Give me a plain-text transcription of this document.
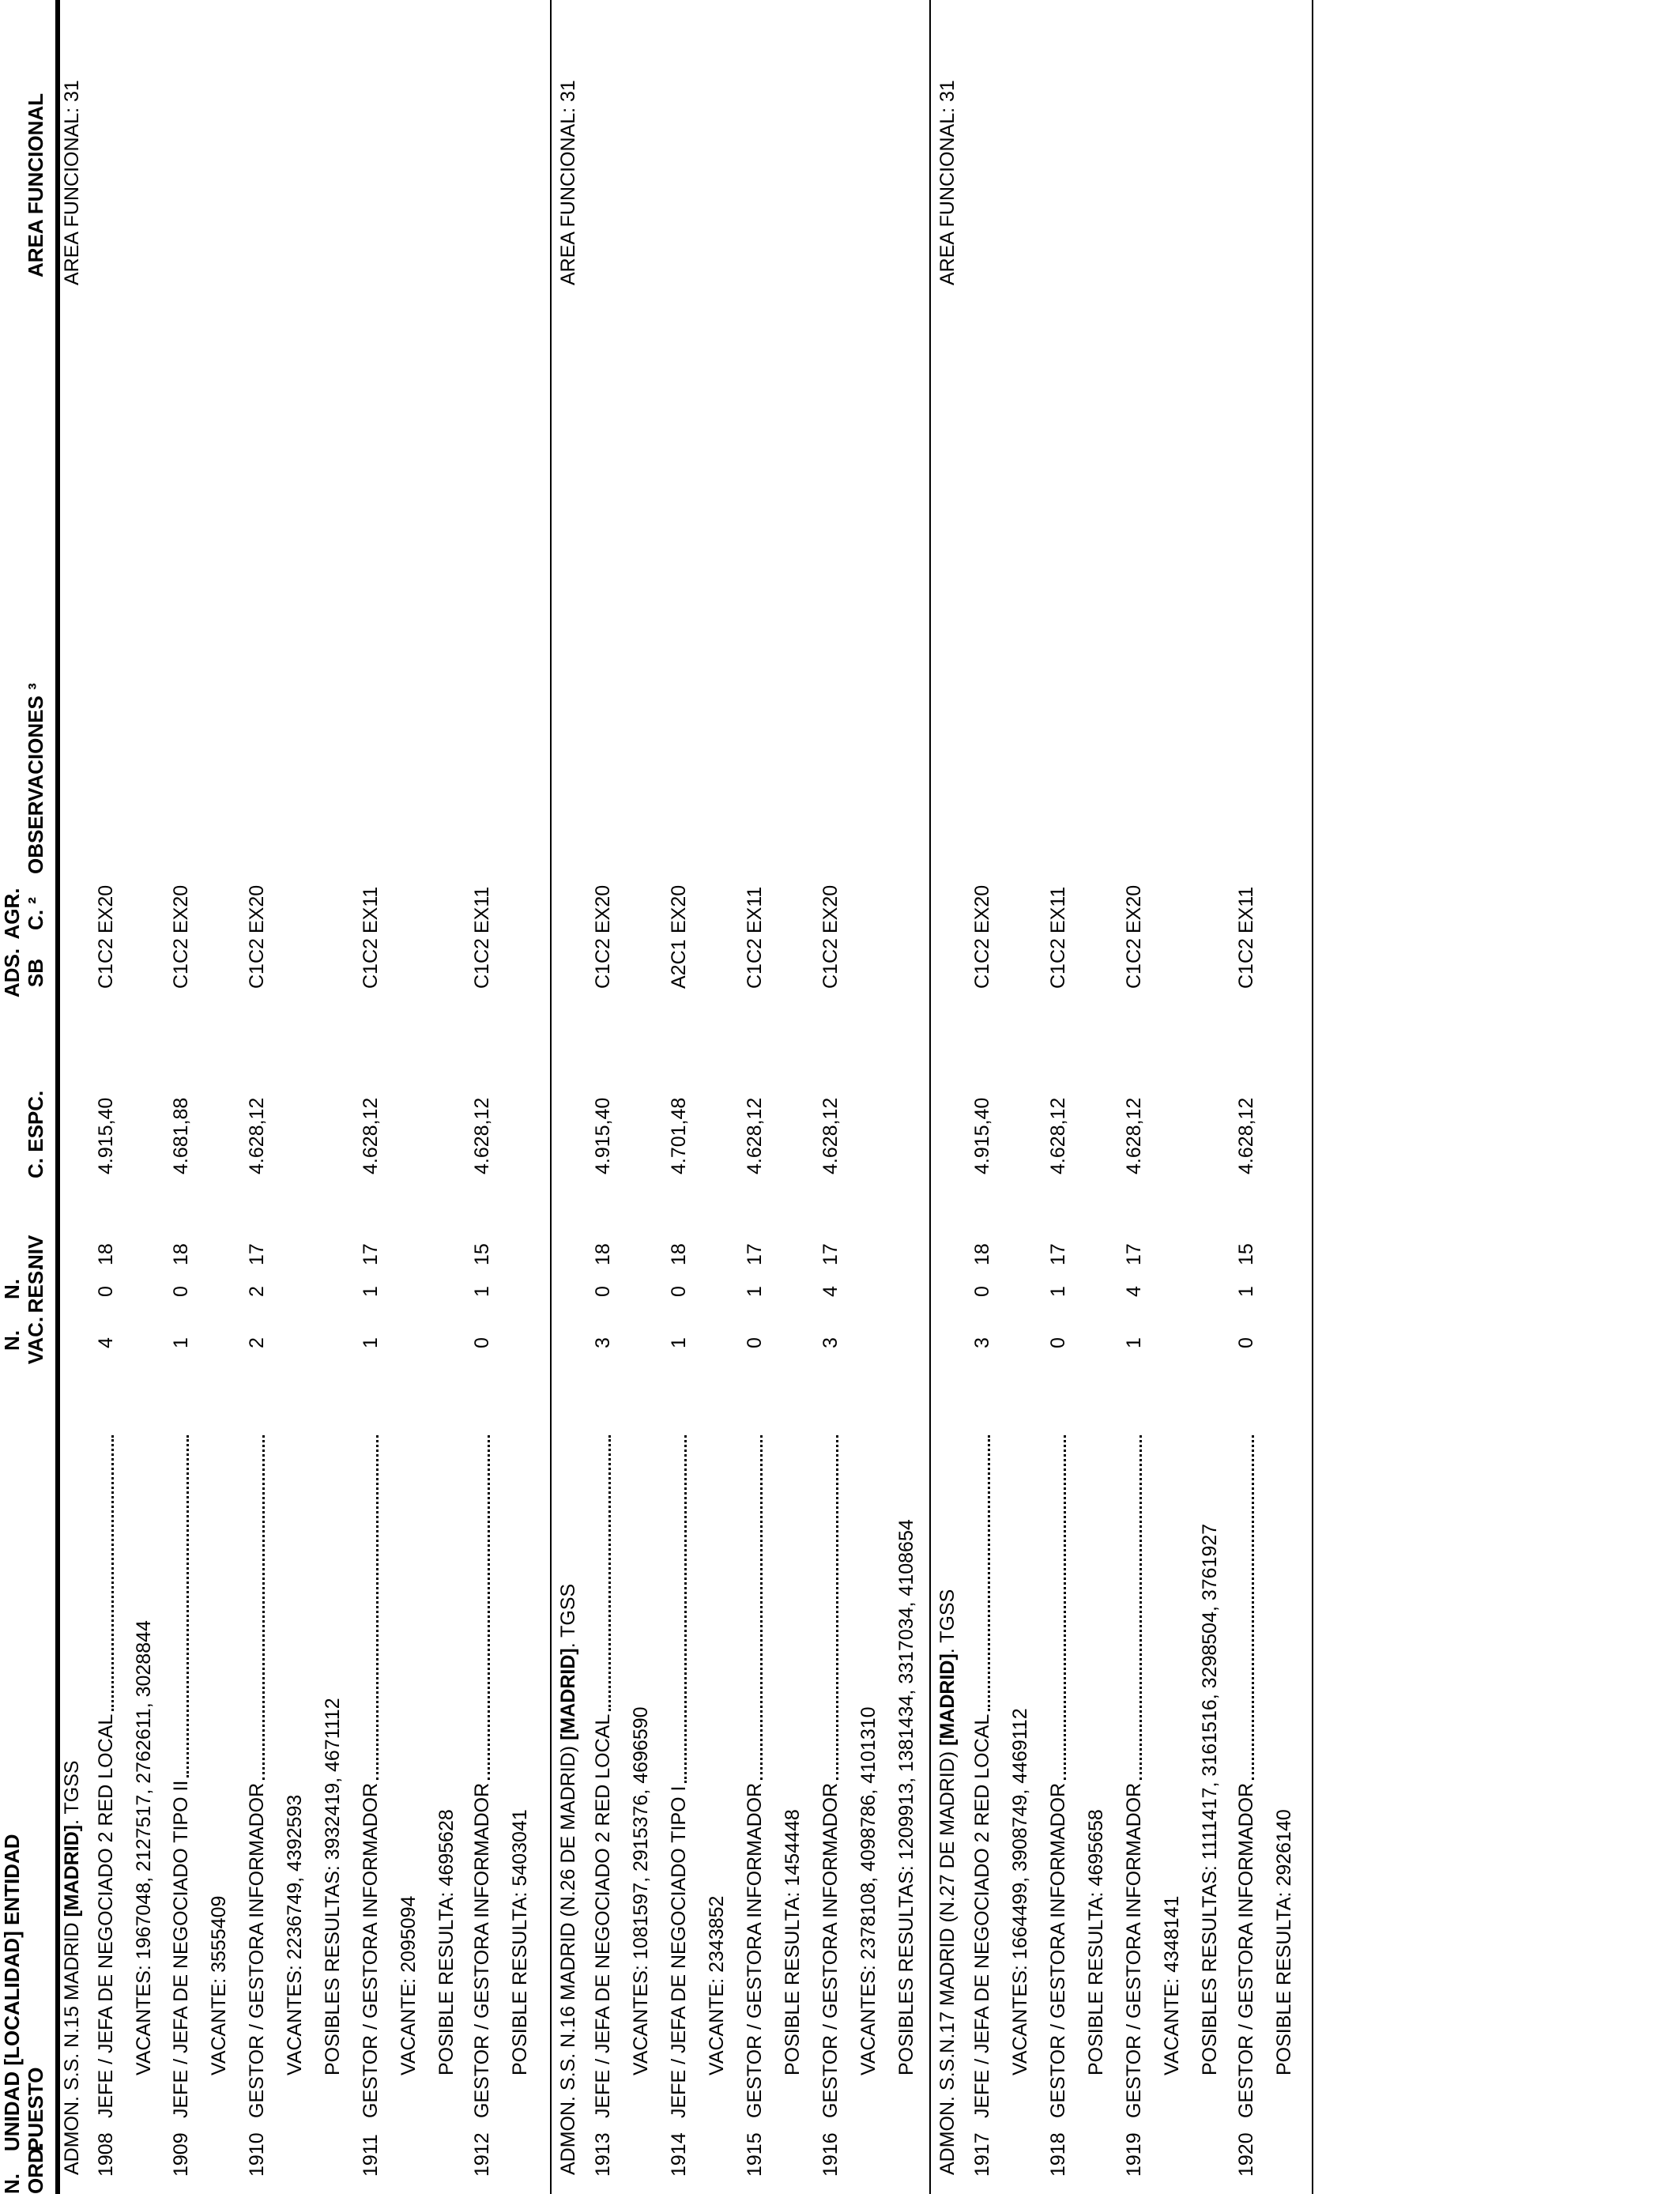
N. ORD.
UNIDAD [LOCALIDAD] ENTIDAD PUESTO
N. VAC.
N. RES.
ADS. SB
AGR. C. ²
NIV
C. ESPC.
OBSERVACIONES ³
AREA FUNCIONAL
ADMON. S.S. N.15 MADRID [MADRID]. TGSS
AREA FUNCIONAL: 31
1908
JEFE / JEFA DE NEGOCIADO 2 RED LOCAL
4
0
18
4.915,40
C1C2
EX20
VACANTES: 1967048, 2127517, 2762611, 3028844
1909
JEFE / JEFA DE NEGOCIADO TIPO II
1
0
18
4.681,88
C1C2
EX20
VACANTE: 3555409
1910
GESTOR / GESTORA INFORMADOR
2
2
17
4.628,12
C1C2
EX20
VACANTES: 2236749, 4392593 POSIBLES RESULTAS: 3932419, 4671112
1911
GESTOR / GESTORA INFORMADOR
1
1
17
4.628,12
C1C2
EX11
VACANTE: 2095094 POSIBLE RESULTA: 4695628
1912
GESTOR / GESTORA INFORMADOR
0
1
15
4.628,12
C1C2
EX11
POSIBLE RESULTA: 5403041 ADMON. S.S. N.16 MADRID (N.26 DE MADRID) [MADRID]. TGSS
AREA FUNCIONAL: 31
1913
JEFE / JEFA DE NEGOCIADO 2 RED LOCAL
3
0
18
4.915,40
C1C2
EX20
VACANTES: 1081597, 2915376, 4696590
1914
JEFE / JEFA DE NEGOCIADO TIPO I
1
0
18
4.701,48
A2C1
EX20
VACANTE: 2343852
1915
GESTOR / GESTORA INFORMADOR
0
1
17
4.628,12
C1C2
EX11
POSIBLE RESULTA: 1454448
1916
GESTOR / GESTORA INFORMADOR
3
4
17
4.628,12
C1C2
EX20
VACANTES: 2378108, 4098786, 4101310 POSIBLES RESULTAS: 1209913, 1381434, 3317034, 4108654 ADMON. S.S.N.17 MADRID (N.27 DE MADRID) [MADRID]. TGSS
AREA FUNCIONAL: 31
1917
JEFE / JEFA DE NEGOCIADO 2 RED LOCAL
3
0
18
4.915,40
C1C2
EX20
VACANTES: 1664499, 3908749, 4469112
1918
GESTOR / GESTORA INFORMADOR
0
1
17
4.628,12
C1C2
EX11
POSIBLE RESULTA: 4695658
1919
GESTOR / GESTORA INFORMADOR
1
4
17
4.628,12
C1C2
EX20
VACANTE: 4348141 POSIBLES RESULTAS: 1111417, 3161516, 3298504, 3761927
1920
GESTOR / GESTORA INFORMADOR
0
1
15
4.628,12
C1C2
EX11
POSIBLE RESULTA: 2926140
